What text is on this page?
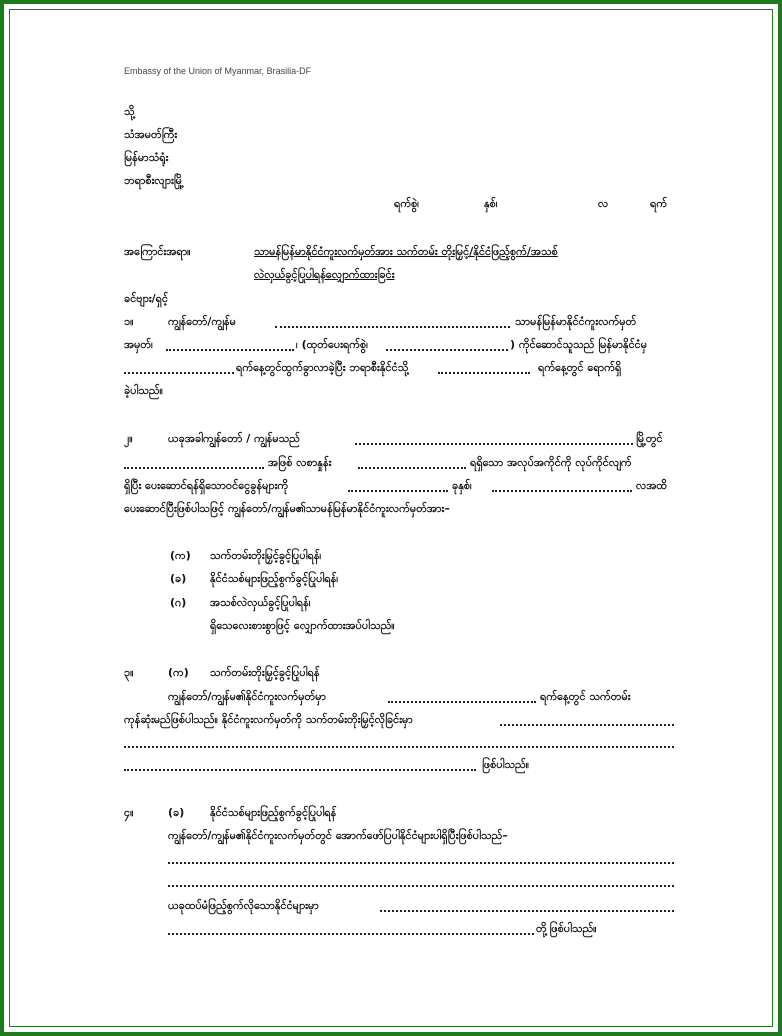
Embassy of the Union of Myanmar, Brasilia-DF
သို့
သံအမတ်ကြီး
မြန်မာသံရုံး
ဘရာစီးလျားမြို့
ရက်စွဲ၊	နှစ်၊	လ	ရက်
အကြောင်းအရာ။	သာမန်မြန်မာနိုင်ငံကူးလက်မှတ်အား သက်တမ်း တိုးမြှင့်/နိုင်ငံဖြည့်စွက်/အသစ်
လဲလှယ်ခွင့်ပြုပါရန်လျှောက်ထားခြင်း
ခင်ဗျား/ရှင့်
၁။	ကျွန်တော်/ကျွန်မ	သာမန်မြန်မာနိုင်ငံကူးလက်မှတ်
အမှတ်၊	၊ (ထုတ်ပေးရက်စွဲ၊	) ကိုင်ဆောင်သူသည် မြန်မာနိုင်ငံမှ
ရက်နေ့တွင်ထွက်ခွာလာခဲ့ပြီး ဘရာစီးနိုင်ငံသို့	ရက်နေ့တွင် ရောက်ရှိ
ခဲ့ပါသည်။
၂။	ယခုအခါကျွန်တော် / ကျွန်မသည်	မြို့တွင်
အဖြစ် လစာနှုန်း	ရရှိသော အလုပ်အကိုင်ကို လုပ်ကိုင်လျက်
ရှိပြီး ပေးဆောင်ရန်ရှိသောဝင်ငွေခွန်များကို	ခုနှစ်၊	လအထိ
ပေးဆောင်ပြီးဖြစ်ပါသဖြင့် ကျွန်တော်/ကျွန်မ၏သာမန်မြန်မာနိုင်ငံကူးလက်မှတ်အား–
(က) သက်တမ်းတိုးမြှင့်ခွင့်ပြုပါရန်၊
(ခ) နိုင်ငံသစ်များဖြည့်စွက်ခွင့်ပြုပါရန်၊
(ဂ) အသစ်လဲလှယ်ခွင့်ပြုပါရန်၊
ရှိသေလေးစားစွာဖြင့် လျှောက်ထားအပ်ပါသည်။
၃။	(က) သက်တမ်းတိုးမြှင့်ခွင့်ပြုပါရန်
ကျွန်တော်/ကျွန်မ၏နိုင်ငံကူးလက်မှတ်မှာ	ရက်နေ့တွင် သက်တမ်း
ကုန်ဆုံးမည်ဖြစ်ပါသည်။ နိုင်ငံကူးလက်မှတ်ကို သက်တမ်းတိုးမြှင့်လိုခြင်းမှာ
ဖြစ်ပါသည်။
၄။	(ခ) နိုင်ငံသစ်များဖြည့်စွက်ခွင့်ပြုပါရန်
ကျွန်တော်/ကျွန်မ၏နိုင်ငံကူးလက်မှတ်တွင် အောက်ဖော်ပြပါနိုင်ငံများပါရှိပြီးဖြစ်ပါသည်–
ယခုထပ်မံဖြည့်စွက်လိုသောနိုင်ငံများမှာ
တို့ဖြစ်ပါသည်။
